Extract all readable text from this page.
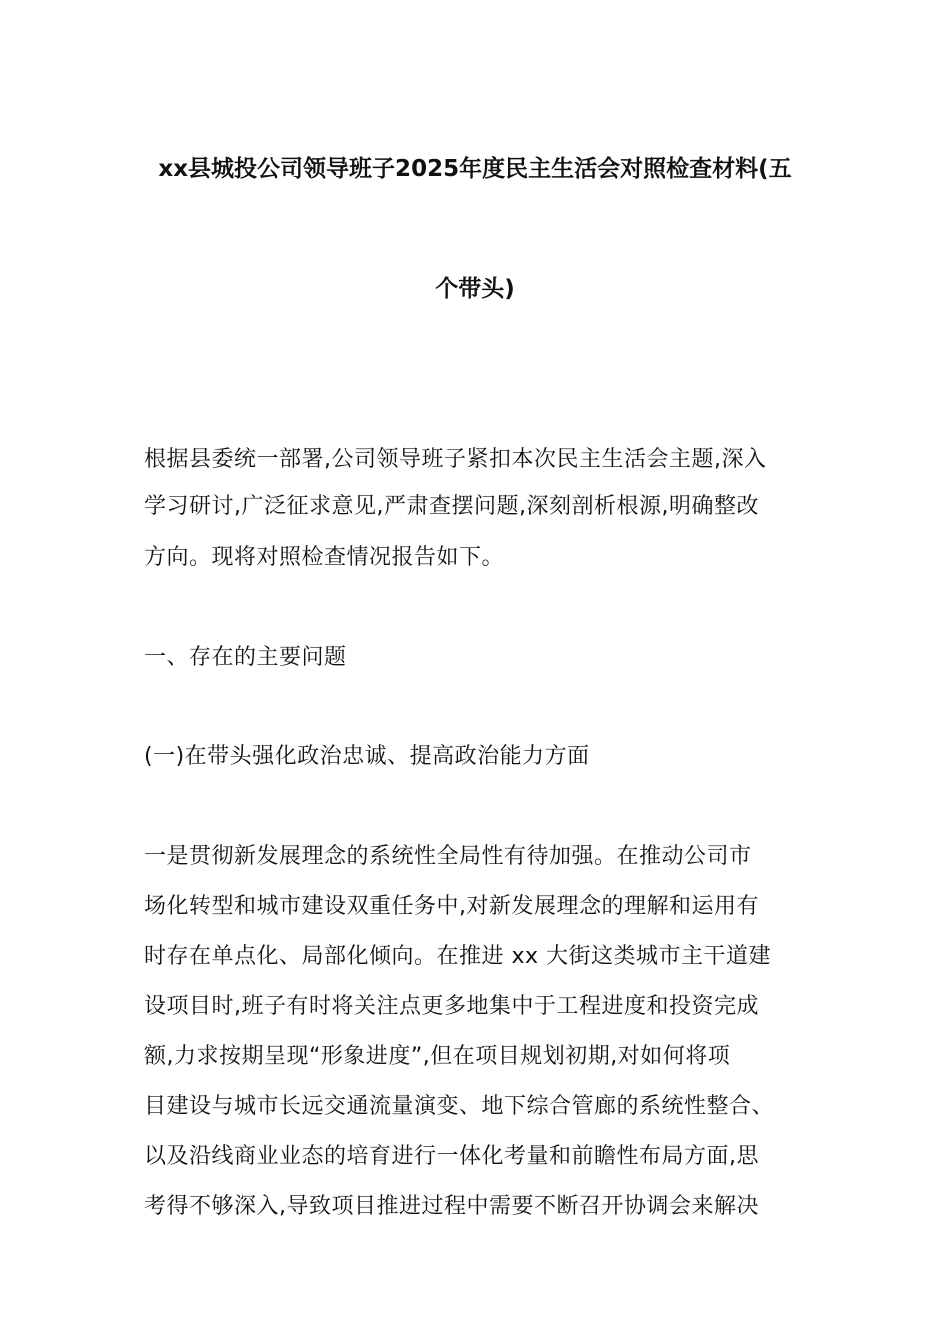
xx县城投公司领导班子2025年度民主生活会对照检查材料(五
个带头)
根据县委统一部署,公司领导班子紧扣本次民主生活会主题,深入
学习研讨,广泛征求意见,严肃查摆问题,深刻剖析根源,明确整改
方向。现将对照检查情况报告如下。
一、存在的主要问题
(一)在带头强化政治忠诚、提高政治能力方面
一是贯彻新发展理念的系统性全局性有待加强。在推动公司市
场化转型和城市建设双重任务中,对新发展理念的理解和运用有
时存在单点化、局部化倾向。在推进 xx 大街这类城市主干道建
设项目时,班子有时将关注点更多地集中于工程进度和投资完成
额,力求按期呈现“形象进度”,但在项目规划初期,对如何将项
目建设与城市长远交通流量演变、地下综合管廊的系统性整合、
以及沿线商业业态的培育进行一体化考量和前瞻性布局方面,思
考得不够深入,导致项目推进过程中需要不断召开协调会来解决
